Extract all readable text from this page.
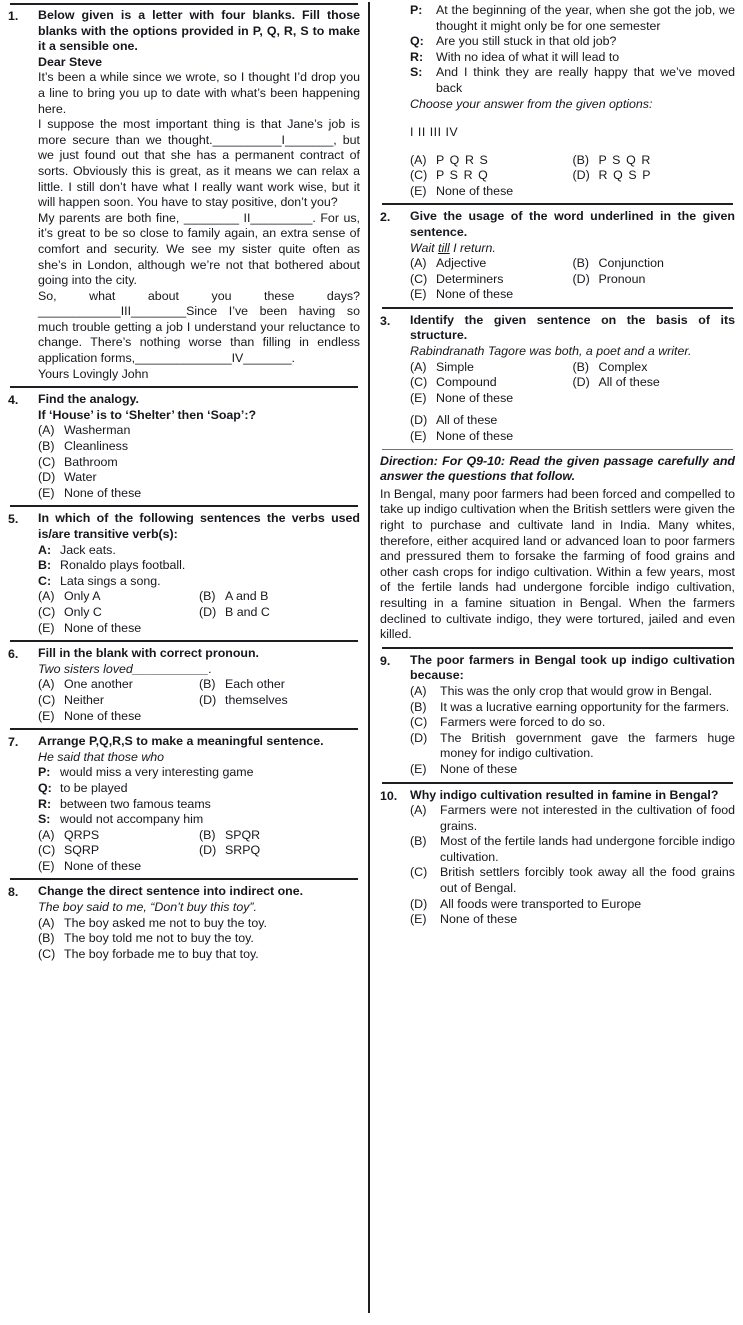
1.	Below given is a letter with four blanks. Fill those blanks with the options provided in P, Q, R, S to make it a sensible one.

Dear Steve

It’s been a while since we wrote, so I thought I’d drop you a line to bring you up to date with what’s been happening here.

I suppose the most important thing is that Jane’s job is more secure than we thought.__________I_______, but we just found out that she has a permanent contract of sorts. Obviously this is great, as it means we can relax a little. I still don’t have what I really want work wise, but it will happen soon. You have to stay positive, don’t you?

My parents are both fine, ________ II_________. For us, it’s great to be so close to family again, an extra sense of comfort and security. We see my sister quite often as she’s in London, although we’re not that bothered about going into the city.

So, what about you these days? ____________III________Since I’ve been having so much trouble getting a job I understand your reluctance to change. There’s nothing worse than filling in endless application forms,______________IV_______.

Yours Lovingly John

4.	Find the analogy.

If ‘House’ is to ‘Shelter’ then ‘Soap’:?

(A) Washerman
(B) Cleanliness
(C) Bathroom
(D) Water
(E) None of these
5.	In which of the following sentences the verbs used is/are transitive verb(s):

A: Jack eats.
B: Ronaldo plays football.
C: Lata sings a song.
(A) Only A	(B) A and B
(C) Only C	(D) B and C
(E) None of these
6.	Fill in the blank with correct pronoun.

Two sisters loved___________.

(A) One another	(B) Each other
(C) Neither	(D) themselves
(E) None of these
7.	Arrange P,Q,R,S to make a meaningful sentence.

He said that those who

P: would miss a very interesting game
Q: to be played
R: between two famous teams
S: would not accompany him
(A) QRPS	(B) SPQR
(C) SQRP	(D) SRPQ
(E) None of these
8.	Change the direct sentence into indirect one.

The boy said to me, “Don’t buy this toy”.

(A) The boy asked me not to buy the toy.
(B) The boy told me not to buy the toy.
(C) The boy forbade me to buy that toy.
P:	At the beginning of the year, when she got the job, we thought it might only be for one semester
Q: Are you still stuck in that old job?
R:	With no idea of what it will lead to
S:	And I think they are really happy that we’ve moved back

Choose your answer from the given options:

I II III IV

(A) P Q R S	(B) P S Q R
(C) P S R Q	(D) R Q S P
(E) None of these
2.	Give the usage of the word underlined in the given sentence.

Wait till I return.

(A) Adjective	(B) Conjunction
(C) Determiners	(D) Pronoun
(E) None of these
3.	Identify the given sentence on the basis of its structure.

Rabindranath Tagore was both, a poet and a writer.

(A) Simple	(B) Complex
(C) Compound	(D) All of these
(E) None of these
(D) All of these
(E) None of these

Direction: For Q9-10: Read the given passage carefully and answer the questions that follow.

In Bengal, many poor farmers had been forced and compelled to take up indigo cultivation when the British settlers were given the right to purchase and cultivate land in India. Many whites, therefore, either acquired land or advanced loan to poor farmers and pressured them to forsake the farming of food grains and other cash crops for indigo cultivation. Within a few years, most of the fertile lands had undergone forcible indigo cultivation, resulting in a famine situation in Bengal. When the farmers declined to cultivate indigo, they were tortured, jailed and even killed.

9.	The poor farmers in Bengal took up indigo cultivation because:

(A)	This was the only crop that would grow in Bengal.
(B)	It was a lucrative earning opportunity for the farmers.
(C)	Farmers were forced to do so.
(D)	The British government gave the farmers huge money for indigo cultivation.
(E)	None of these
10.	Why indigo cultivation resulted in famine in Bengal?

(A)	Farmers were not interested in the cultivation of food grains.
(B)	Most of the fertile lands had undergone forcible indigo cultivation.
(C)	British settlers forcibly took away all the food grains out of Bengal.
(D)	All foods were transported to Europe
(E)	None of these
